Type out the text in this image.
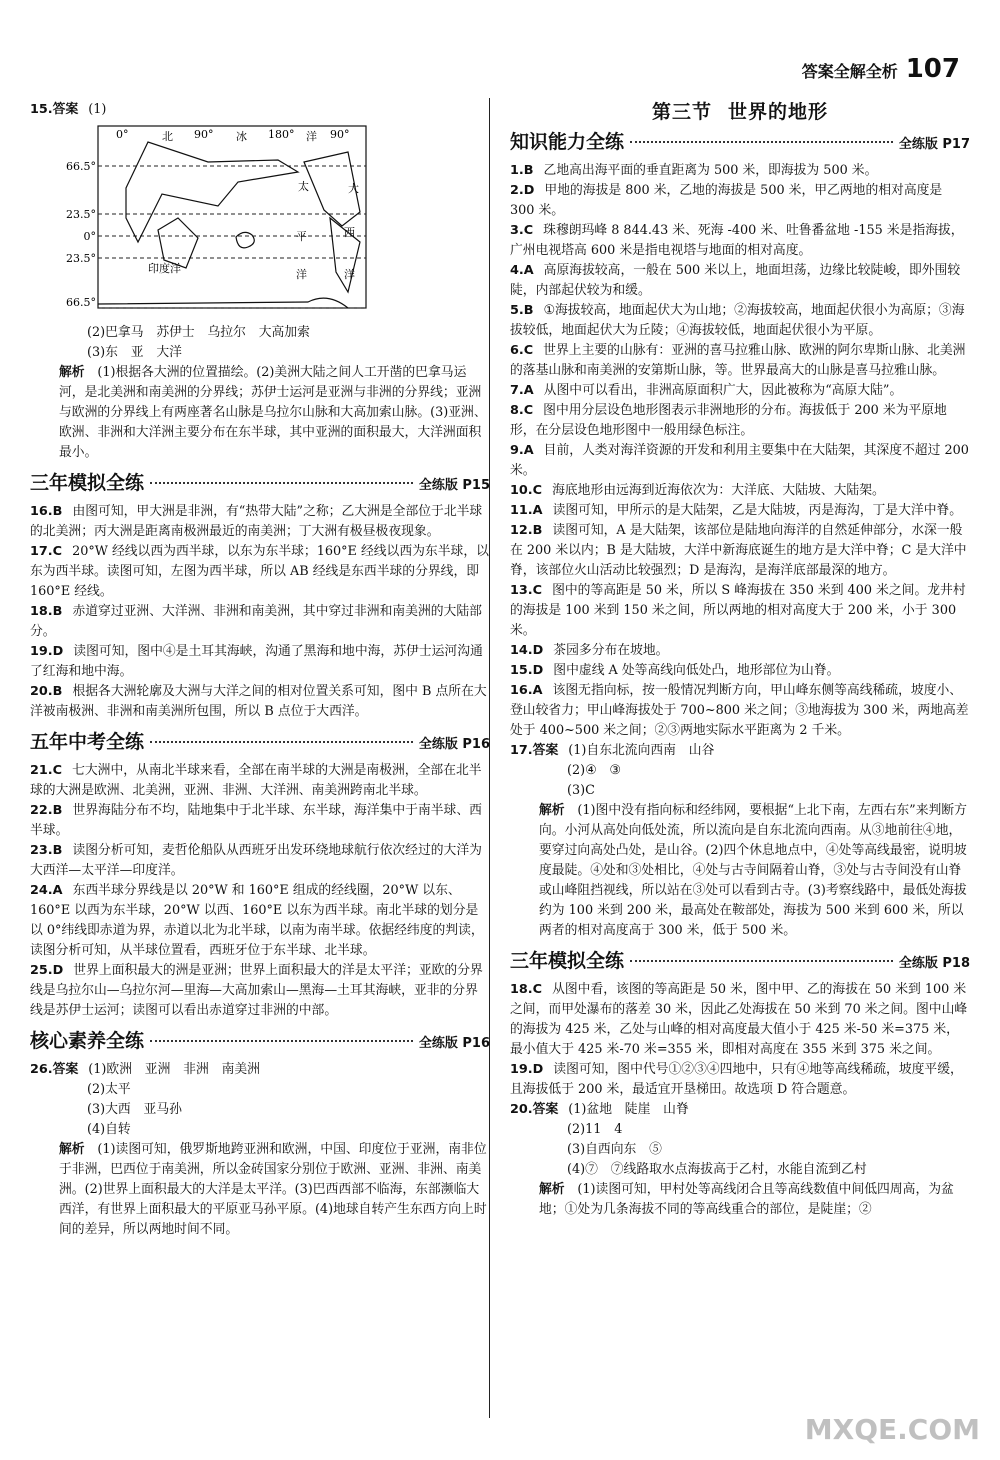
答案全解全析 107

15.答案 (1)

66.5°
23.5°
0°
23.5°
66.5°
0°	90°	180°	90°
北	冰	洋
太
平
洋
大
西
洋
印度洋

(2)巴拿马　苏伊士　乌拉尔　大高加索

(3)东　亚　大洋

解析　 (1)根据各大洲的位置描绘。(2)美洲大陆之间人工开凿的巴拿马运河，是北美洲和南美洲的分界线；苏伊士运河是亚洲与非洲的分界线；亚洲与欧洲的分界线上有两座著名山脉是乌拉尔山脉和大高加索山脉。(3)亚洲、欧洲、非洲和大洋洲主要分布在东半球，其中亚洲的面积最大，大洋洲面积最小。

三年模拟全练	全练版 P15

16.B 由图可知，甲大洲是非洲，有“热带大陆”之称；乙大洲是全部位于北半球的北美洲；丙大洲是距离南极洲最近的南美洲；丁大洲有极昼极夜现象。

17.C 20°W 经线以西为西半球，以东为东半球；160°E 经线以西为东半球，以东为西半球。读图可知，左图为西半球，所以 AB 经线是东西半球的分界线，即 160°E 经线。

18.B 赤道穿过亚洲、大洋洲、非洲和南美洲，其中穿过非洲和南美洲的大陆部分。

19.D 读图可知，图中④是土耳其海峡，沟通了黑海和地中海，苏伊士运河沟通了红海和地中海。

20.B 根据各大洲轮廓及大洲与大洋之间的相对位置关系可知，图中 B 点所在大洋被南极洲、非洲和南美洲所包围，所以 B 点位于大西洋。

五年中考全练	全练版 P16

21.C 七大洲中，从南北半球来看，全部在南半球的大洲是南极洲，全部在北半球的大洲是欧洲、北美洲，亚洲、非洲、大洋洲、南美洲跨南北半球。

22.B 世界海陆分布不均，陆地集中于北半球、东半球，海洋集中于南半球、西半球。

23.B 读图分析可知，麦哲伦船队从西班牙出发环绕地球航行依次经过的大洋为大西洋—太平洋—印度洋。

24.A 东西半球分界线是以 20°W 和 160°E 组成的经线圈，20°W 以东、160°E 以西为东半球，20°W 以西、160°E 以东为西半球。南北半球的划分是以 0°纬线即赤道为界，赤道以北为北半球，以南为南半球。依据经纬度的判读，读图分析可知，从半球位置看，西班牙位于东半球、北半球。

25.D 世界上面积最大的洲是亚洲；世界上面积最大的洋是太平洋；亚欧的分界线是乌拉尔山—乌拉尔河—里海—大高加索山—黑海—土耳其海峡，亚非的分界线是苏伊士运河；读图可以看出赤道穿过非洲的中部。

核心素养全练	全练版 P16

26.答案 (1)欧洲　亚洲　非洲　南美洲

(2)太平

(3)大西　亚马孙

(4)自转

解析　 (1)读图可知，俄罗斯地跨亚洲和欧洲，中国、印度位于亚洲，南非位于非洲，巴西位于南美洲，所以金砖国家分别位于欧洲、亚洲、非洲、南美洲。(2)世界上面积最大的大洋是太平洋。(3)巴西西部不临海，东部濒临大西洋，有世界上面积最大的平原亚马孙平原。(4)地球自转产生东西方向上时间的差异，所以两地时间不同。

第三节 世界的地形
知识能力全练	全练版 P17

1.B 乙地高出海平面的垂直距离为 500 米，即海拔为 500 米。

2.D 甲地的海拔是 800 米，乙地的海拔是 500 米，甲乙两地的相对高度是 300 米。

3.C 珠穆朗玛峰 8 844.43 米、死海 -400 米、吐鲁番盆地 -155 米是指海拔，广州电视塔高 600 米是指电视塔与地面的相对高度。

4.A 高原海拔较高，一般在 500 米以上，地面坦荡，边缘比较陡峻，即外围较陡，内部起伏较为和缓。

5.B ①海拔较高，地面起伏大为山地；②海拔较高，地面起伏很小为高原；③海拔较低，地面起伏大为丘陵；④海拔较低，地面起伏很小为平原。

6.C 世界上主要的山脉有：亚洲的喜马拉雅山脉、欧洲的阿尔卑斯山脉、北美洲的落基山脉和南美洲的安第斯山脉，等。世界最高大的山脉是喜马拉雅山脉。

7.A 从图中可以看出，非洲高原面积广大，因此被称为“高原大陆”。

8.C 图中用分层设色地形图表示非洲地形的分布。海拔低于 200 米为平原地形，在分层设色地形图中一般用绿色标注。

9.A 目前，人类对海洋资源的开发和利用主要集中在大陆架，其深度不超过 200 米。

10.C 海底地形由远海到近海依次为：大洋底、大陆坡、大陆架。

11.A 读图可知，甲所示的是大陆架，乙是大陆坡，丙是海沟，丁是大洋中脊。

12.B 读图可知，A 是大陆架，该部位是陆地向海洋的自然延伸部分，水深一般在 200 米以内；B 是大陆坡，大洋中新海底诞生的地方是大洋中脊；C 是大洋中脊，该部位火山活动比较强烈；D 是海沟，是海洋底部最深的地方。

13.C 图中的等高距是 50 米，所以 S 峰海拔在 350 米到 400 米之间。龙井村的海拔是 100 米到 150 米之间，所以两地的相对高度大于 200 米，小于 300 米。

14.D 茶园多分布在坡地。

15.D 图中虚线 A 处等高线向低处凸，地形部位为山脊。

16.A 该图无指向标，按一般情况判断方向，甲山峰东侧等高线稀疏，坡度小、登山较省力；甲山峰海拔处于 700~800 米之间；③地海拔为 300 米，两地高差处于 400~500 米之间；②③两地实际水平距离为 2 千米。

17.答案 (1)自东北流向西南　山谷

(2)④　③

(3)C

解析　 (1)图中没有指向标和经纬网，要根据“上北下南，左西右东”来判断方向。小河从高处向低处流，所以流向是自东北流向西南。从③地前往④地，要穿过向高处凸处，是山谷。(2)四个休息地点中，④处等高线最密，说明坡度最陡。④处和③处相比，④处与古寺间隔着山脊，③处与古寺间没有山脊或山峰阻挡视线，所以站在③处可以看到古寺。(3)考察线路中，最低处海拔约为 100 米到 200 米，最高处在鞍部处，海拔为 500 米到 600 米，所以两者的相对高度高于 300 米，低于 500 米。

三年模拟全练	全练版 P18

18.C 从图中看，该图的等高距是 50 米，图中甲、乙的海拔在 50 米到 100 米之间，而甲处瀑布的落差 30 米，因此乙处海拔在 50 米到 70 米之间。图中山峰的海拔为 425 米，乙处与山峰的相对高度最大值小于 425 米-50 米=375 米，最小值大于 425 米-70 米=355 米，即相对高度在 355 米到 375 米之间。

19.D 读图可知，图中代号①②③④四地中，只有④地等高线稀疏，坡度平缓，且海拔低于 200 米，最适宜开垦梯田。故选项 D 符合题意。

20.答案 (1)盆地　陡崖　山脊

(2)11　4

(3)自西向东　⑤

(4)⑦　⑦线路取水点海拔高于乙村，水能自流到乙村

解析　 (1)读图可知，甲村处等高线闭合且等高线数值中间低四周高，为盆地；①处为几条海拔不同的等高线重合的部位，是陡崖；②

MXQE.COM
